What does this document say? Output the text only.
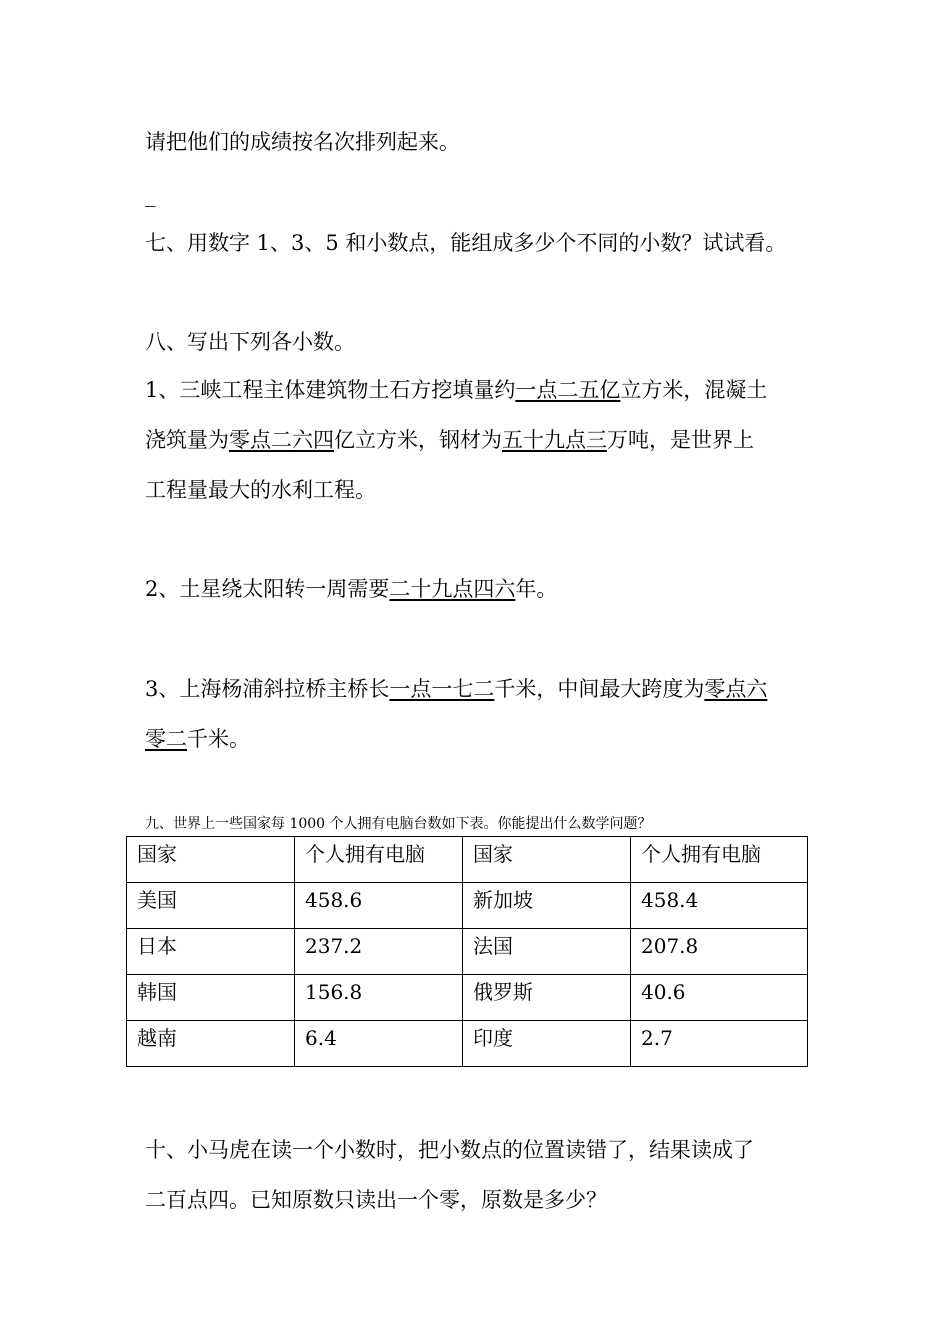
请把他们的成绩按名次排列起来。
_
七、用数字 1、3、5 和小数点，能组成多少个不同的小数？试试看。
八、写出下列各小数。
1、三峡工程主体建筑物土石方挖填量约一点二五亿立方米，混凝土
浇筑量为零点二六四亿立方米，钢材为五十九点三万吨，是世界上
工程量最大的水利工程。
2、土星绕太阳转一周需要二十九点四六年。
3、上海杨浦斜拉桥主桥长一点一七二千米，中间最大跨度为零点六
零二千米。
九、世界上一些国家每 1000 个人拥有电脑台数如下表。你能提出什么数学问题？
国家	个人拥有电脑	国家	个人拥有电脑
美国	458.6	新加坡	458.4
日本	237.2	法国	207.8
韩国	156.8	俄罗斯	40.6
越南	6.4	印度	2.7
十、小马虎在读一个小数时，把小数点的位置读错了，结果读成了
二百点四。已知原数只读出一个零，原数是多少？
